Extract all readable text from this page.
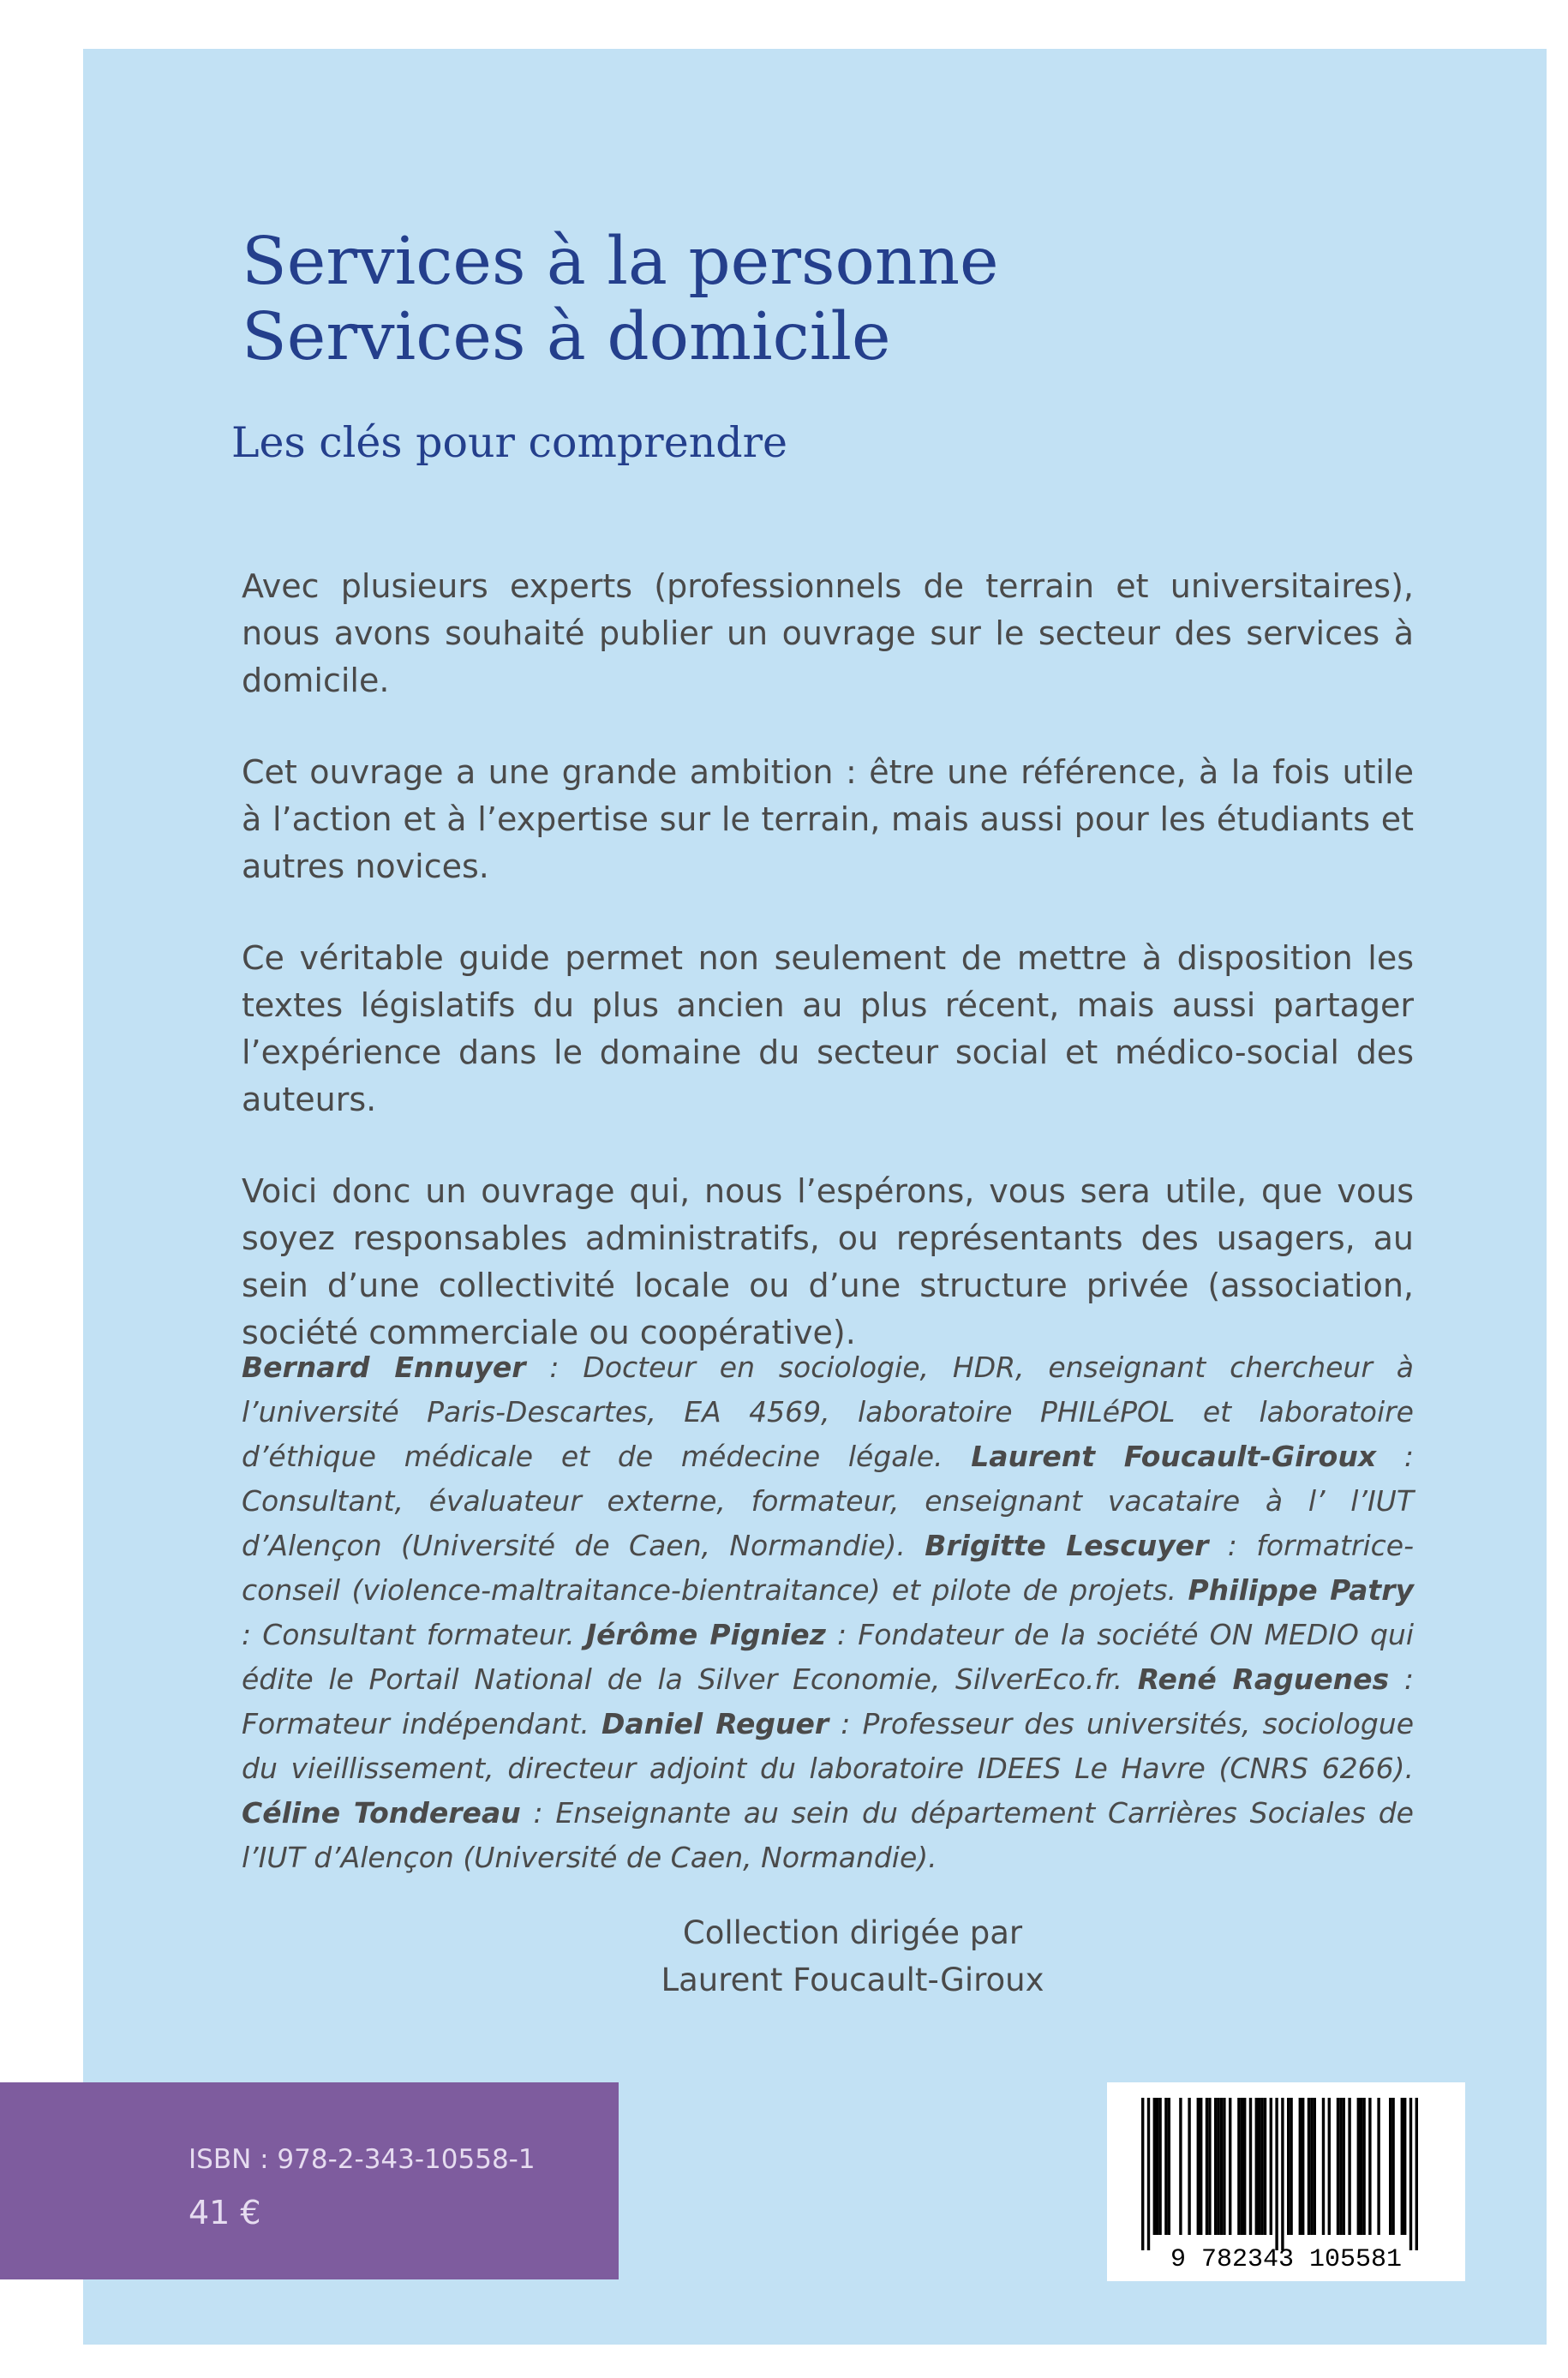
Services à la personne
Services à domicile
Les clés pour comprendre

Avec plusieurs experts (professionnels de terrain et universitaires), nous avons souhaité publier un ouvrage sur le secteur des services à domicile.

Cet ouvrage a une grande ambition : être une référence, à la fois utile à l’action et à l’expertise sur le terrain, mais aussi pour les étudiants et autres novices.

Ce véritable guide permet non seulement de mettre à disposition les textes législatifs du plus ancien au plus récent, mais aussi partager l’expérience dans le domaine du secteur social et médico-social des auteurs.

Voici donc un ouvrage qui, nous l’espérons, vous sera utile, que vous soyez responsables administratifs, ou représentants des usagers, au sein d’une collectivité locale ou d’une structure privée (association, société commerciale ou coopérative).

Bernard Ennuyer : Docteur en sociologie, HDR, enseignant chercheur à l’université Paris-Descartes, EA 4569, laboratoire PHILéPOL et laboratoire d’éthique médicale et de médecine légale. Laurent Foucault-Giroux : Consultant, évaluateur externe, formateur, enseignant vacataire à l’ l’IUT d’Alençon (Université de Caen, Normandie). Brigitte Lescuyer : formatrice-conseil (violence-maltraitance-bientraitance) et pilote de projets. Philippe Patry : Consultant formateur. Jérôme Pigniez : Fondateur de la société ON MEDIO qui édite le Portail National de la Silver Economie, SilverEco.fr. René Raguenes : Formateur indépendant. Daniel Reguer : Professeur des universités, sociologue du vieillissement, directeur adjoint du laboratoire IDEES Le Havre (CNRS 6266). Céline Tondereau : Enseignante au sein du département Carrières Sociales de l’IUT d’Alençon (Université de Caen, Normandie).
Collection dirigée par
Laurent Foucault-Giroux
ISBN : 978-2-343-10558-1
41 €
9 782343 105581
